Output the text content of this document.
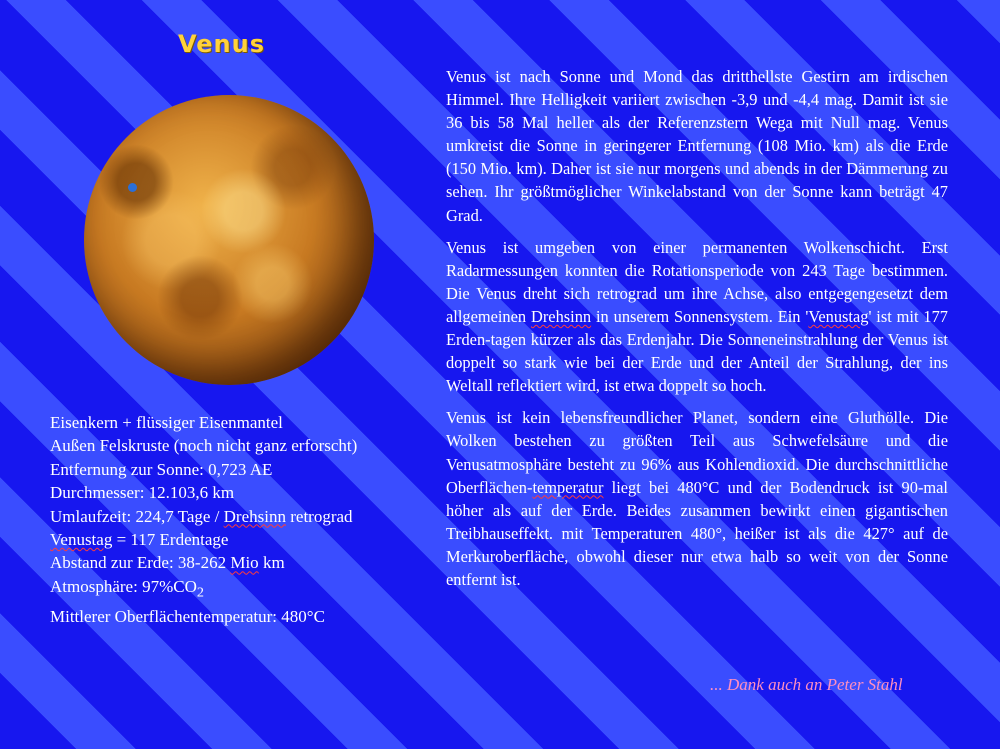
Venus
Eisenkern + flüssiger Eisenmantel
Außen Felskruste (noch nicht ganz erforscht)
Entfernung zur Sonne: 0,723 AE
Durchmesser: 12.103,6 km
Umlaufzeit: 224,7 Tage / Drehsinn retrograd
Venustag = 117 Erdentage
Abstand zur Erde: 38-262 Mio km
Atmosphäre: $97\%CO_2$
Mittlerer Oberflächentemperatur: 480°C

Venus ist nach Sonne und Mond das dritthellste Gestirn am irdischen Himmel. Ihre Helligkeit variiert zwischen -3,9 und -4,4 mag. Damit ist sie 36 bis 58 Mal heller als der Referenzstern Wega mit Null mag. Venus umkreist die Sonne in geringerer Entfernung (108 Mio. km) als die Erde (150 Mio. km). Daher ist sie nur morgens und abends in der Dämmerung zu sehen. Ihr größtmöglicher Winkelabstand von der Sonne kann beträgt 47 Grad.

Venus ist umgeben von einer permanenten Wolkenschicht. Erst Radarmessungen konnten die Rotationsperiode von 243 Tage bestimmen. Die Venus dreht sich retrograd um ihre Achse, also entgegengesetzt dem allgemeinen Drehsinn in unserem Sonnensystem. Ein 'Venustag' ist mit 177 Erden-tagen kürzer als das Erdenjahr. Die Sonneneinstrahlung der Venus ist doppelt so stark wie bei der Erde und der Anteil der Strahlung, der ins Weltall reflektiert wird, ist etwa doppelt so hoch.

Venus ist kein lebensfreundlicher Planet, sondern eine Gluthölle. Die Wolken bestehen zu größten Teil aus Schwefelsäure und die Venusatmosphäre besteht zu 96% aus Kohlendioxid. Die durchschnittliche Oberflächen-temperatur liegt bei 480°C und der Bodendruck ist 90-mal höher als auf der Erde. Beides zusammen bewirkt einen gigantischen Treibhauseffekt. mit Temperaturen 480°, heißer ist als die 427° auf de Merkuroberfläche, obwohl dieser nur etwa halb so weit von der Sonne entfernt ist.

... Dank auch an Peter Stahl
